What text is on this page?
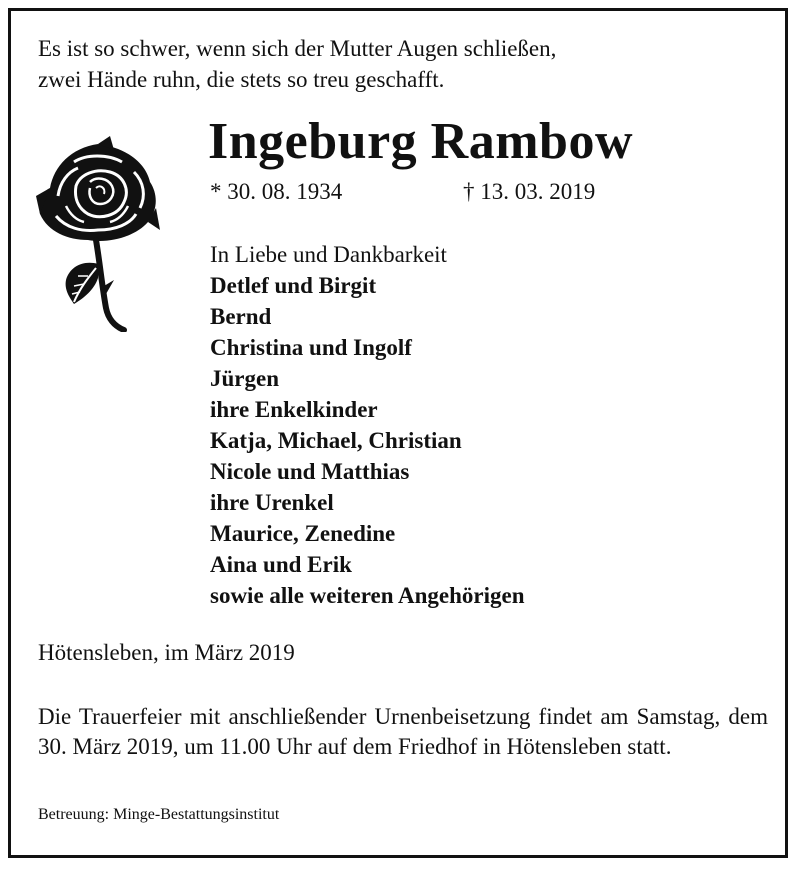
Es ist so schwer, wenn sich der Mutter Augen schließen,
zwei Hände ruhn, die stets so treu geschafft.
Ingeburg Rambow
* 30. 08. 1934	† 13. 03. 2019
In Liebe und Dankbarkeit
Detlef und Birgit
Bernd
Christina und Ingolf
Jürgen
ihre Enkelkinder
Katja, Michael, Christian
Nicole und Matthias
ihre Urenkel
Maurice, Zenedine
Aina und Erik
sowie alle weiteren Angehörigen
Hötensleben, im März 2019
Die Trauerfeier mit anschließender Urnenbeisetzung findet am Samstag, dem 30. März 2019, um 11.00 Uhr auf dem Friedhof in Hötensleben statt.
Betreuung: Minge-Bestattungsinstitut
